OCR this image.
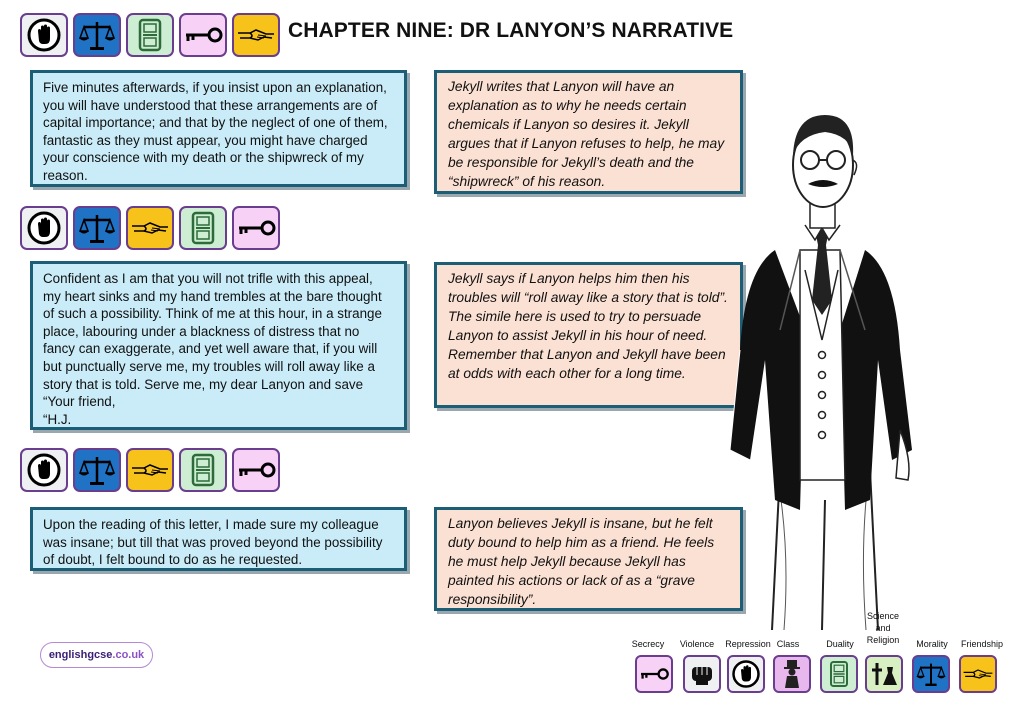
CHAPTER NINE: DR LANYON’S NARRATIVE

Five minutes afterwards, if you insist upon an explanation, you will have understood that these arrangements are of capital importance; and that by the neglect of one of them, fantastic as they must appear, you might have charged your conscience with my death or the shipwreck of my reason.

Jekyll writes that Lanyon will have an explanation as to why he needs certain chemicals if Lanyon so desires it. Jekyll argues that if Lanyon refuses to help, he may be responsible for Jekyll’s death and the “shipwreck” of his reason.

Confident as I am that you will not trifle with this appeal, my heart sinks and my hand trembles at the bare thought of such a possibility. Think of me at this hour, in a strange place, labouring under a blackness of distress that no fancy can exaggerate, and yet well aware that, if you will but punctually serve me, my troubles will roll away like a story that is told. Serve me, my dear Lanyon and save

“Your friend,

“H.J.

Jekyll says if Lanyon helps him then his troubles will “roll away like a story that is told”. The simile here is used to try to persuade Lanyon to assist Jekyll in his hour of need. Remember that Lanyon and Jekyll have been at odds with each other for a long time.

Upon the reading of this letter, I made sure my colleague was insane; but till that was proved beyond the possibility of doubt, I felt bound to do as he requested.

Lanyon believes Jekyll is insane, but he felt duty bound to help him as a friend. He feels he must help Jekyll because Jekyll has painted his actions or lack of as a “grave responsibility”.

englishgcse .co.uk
Secrecy	Violence	Repression Class	Duality
Science
and
Religion	Morality	Friendship
